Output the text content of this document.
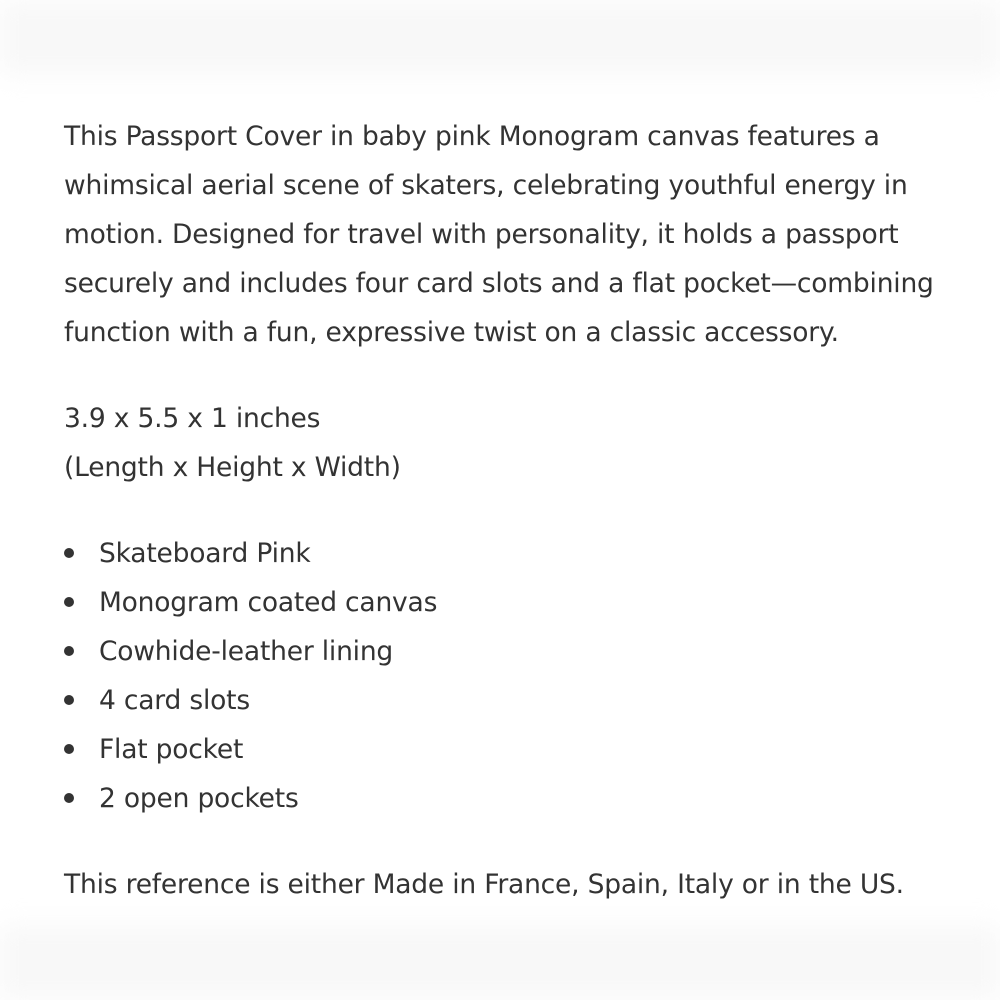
This Passport Cover in baby pink Monogram canvas features a
whimsical aerial scene of skaters, celebrating youthful energy in
motion. Designed for travel with personality, it holds a passport
securely and includes four card slots and a flat pocket—combining
function with a fun, expressive twist on a classic accessory.

3.9 x 5.5 x 1 inches
(Length x Height x Width)

Skateboard Pink
Monogram coated canvas
Cowhide-leather lining
4 card slots
Flat pocket
2 open pockets

This reference is either Made in France, Spain, Italy or in the US.
